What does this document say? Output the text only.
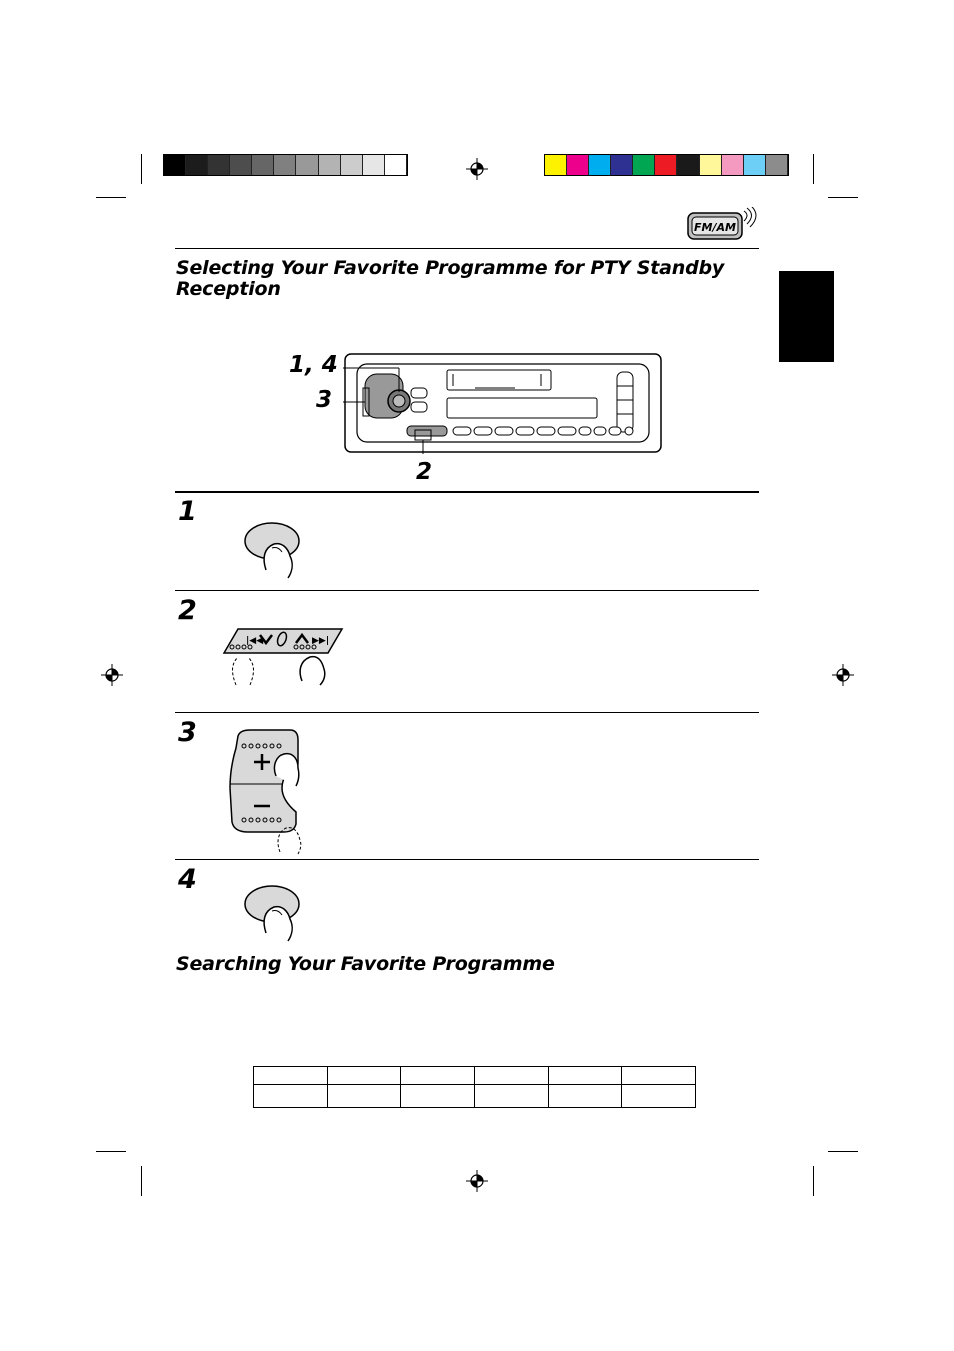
FM/AM
Selecting Your Favorite Programme for PTY Standby
Reception
1, 4
3
2
1
2
3
4
|◀◀	▶▶|
Searching Your Favorite Programme
